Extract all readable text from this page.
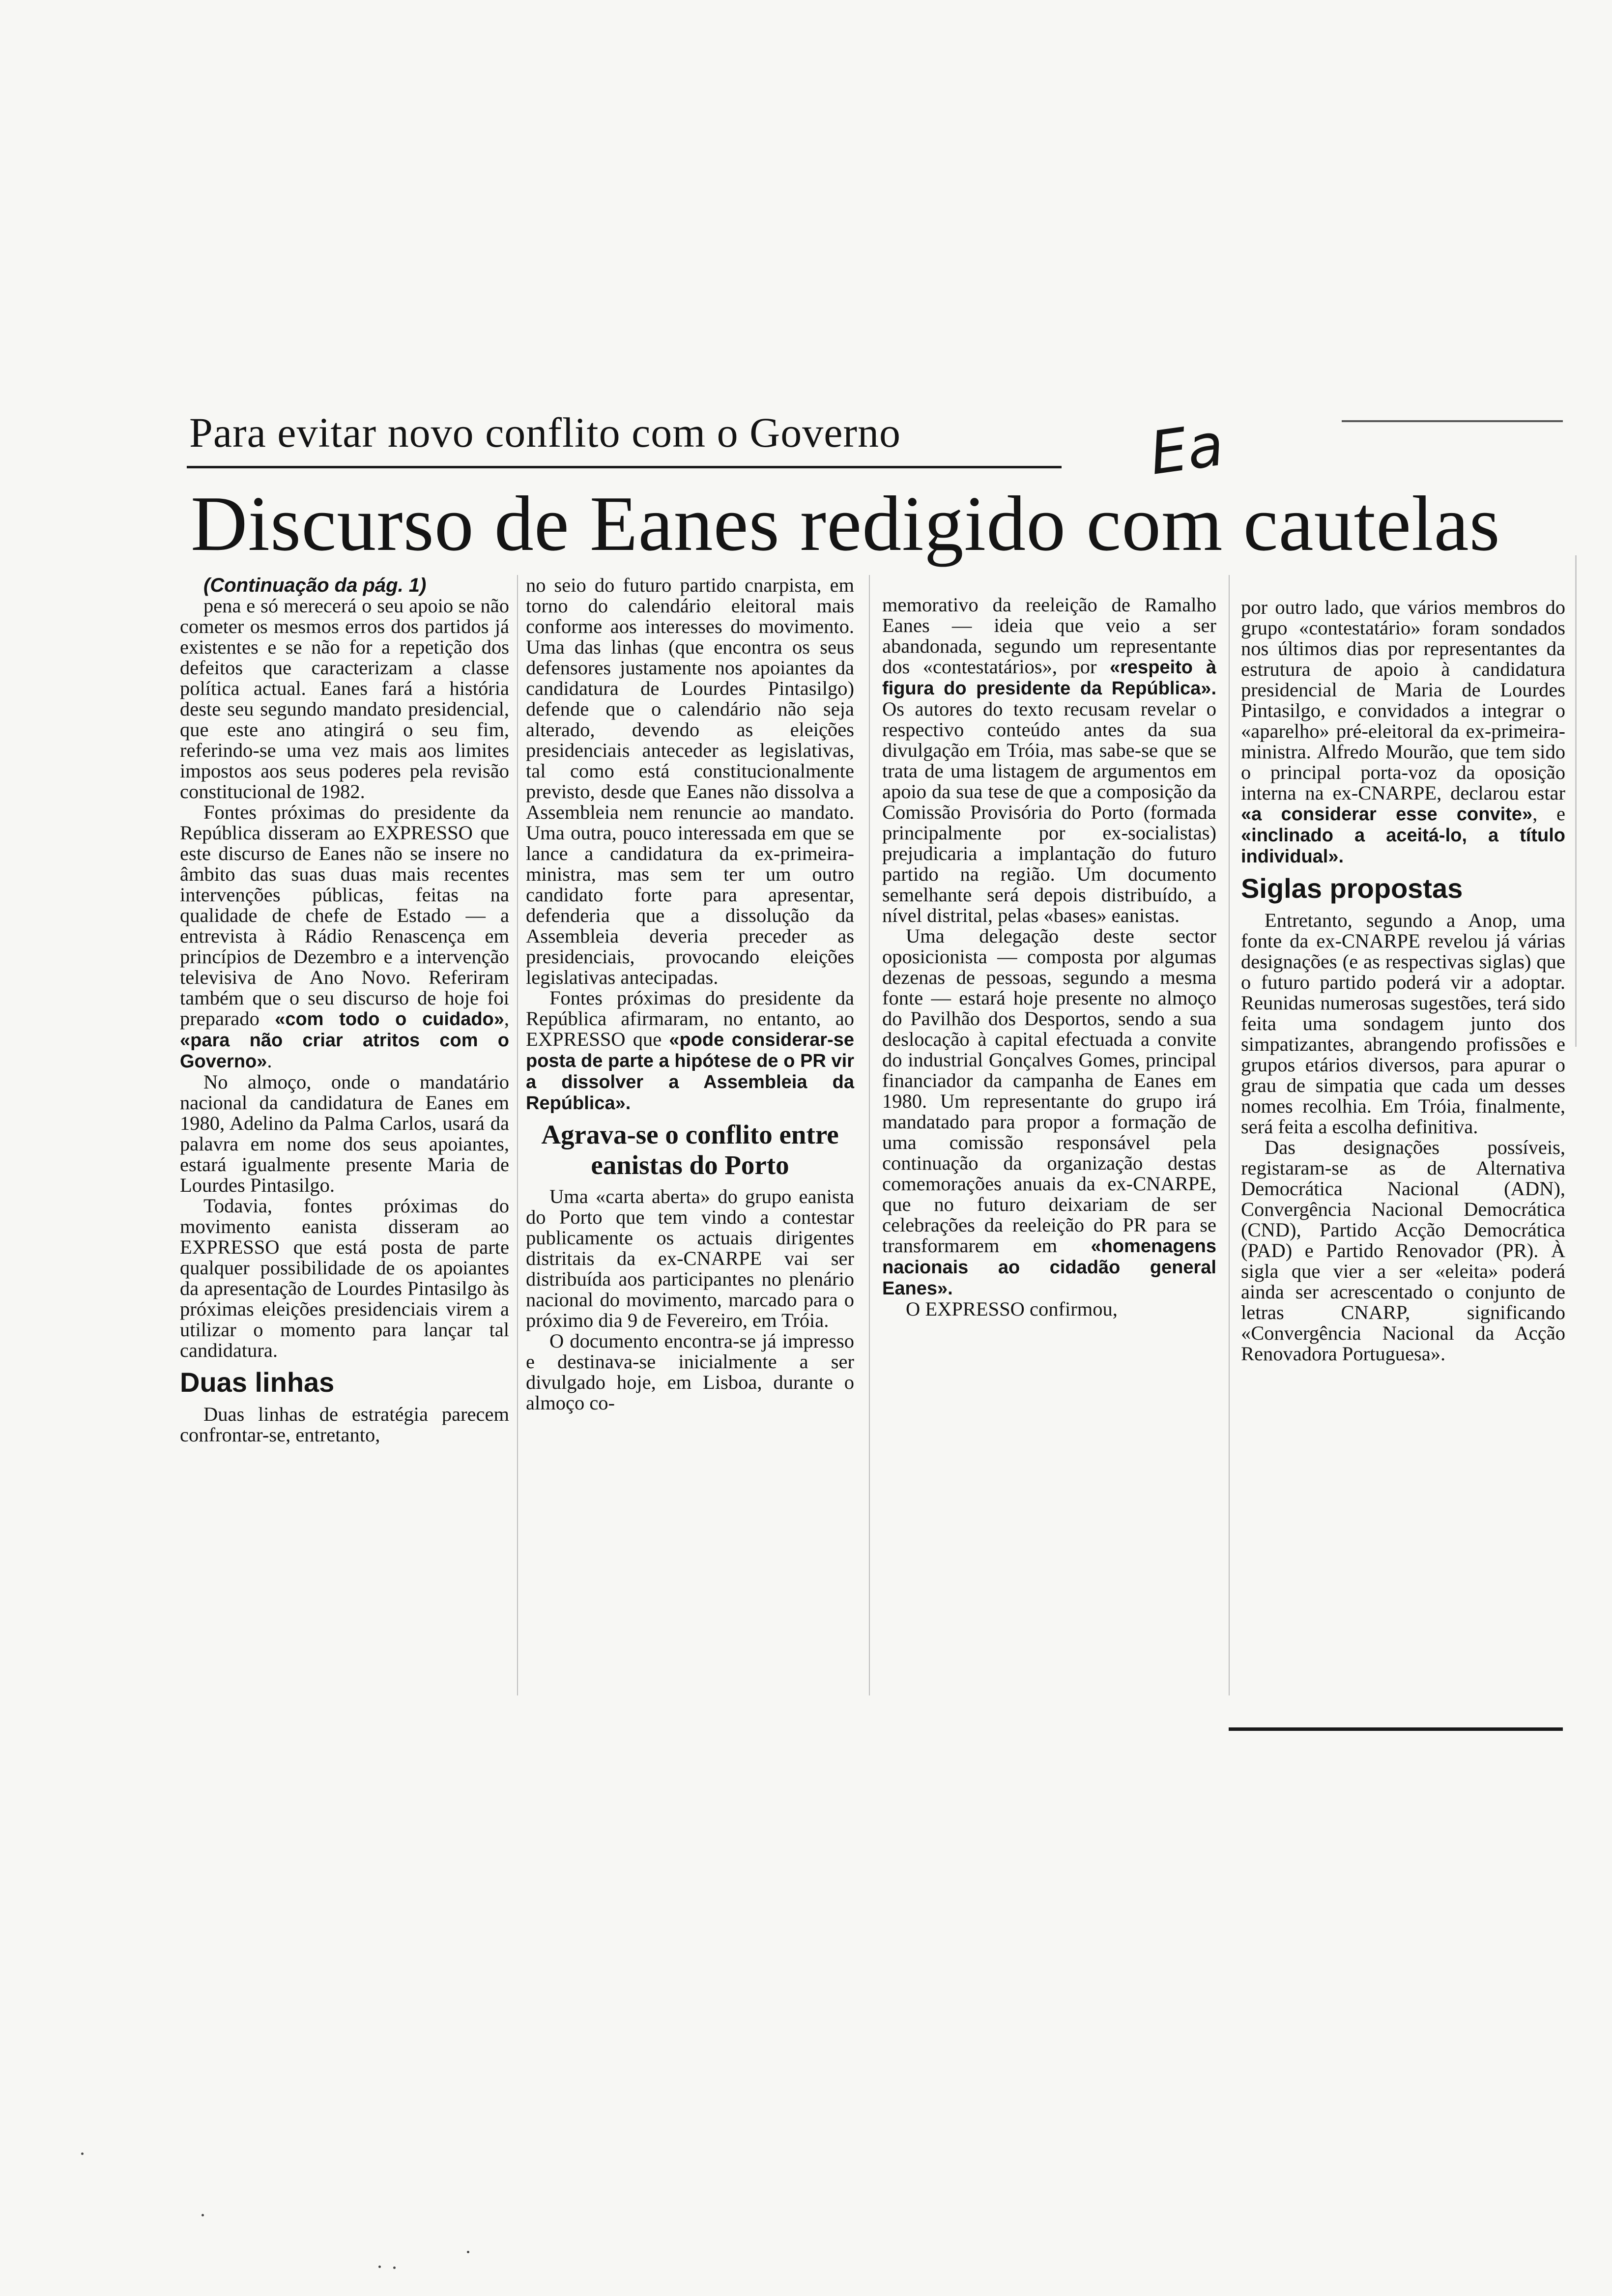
Para evitar novo conflito com o Governo	Ea
Discurso de Eanes redigido com cautelas

(Continuação da pág. 1)

pena e só merecerá o seu apoio se não cometer os mesmos erros dos partidos já existentes e se não for a repetição dos defeitos que caracterizam a classe política actual. Eanes fará a história deste seu segundo mandato presidencial, que este ano atingirá o seu fim, referindo-se uma vez mais aos limites impostos aos seus poderes pela revisão constitucional de 1982.

Fontes próximas do presidente da República disseram ao EXPRESSO que este discurso de Eanes não se insere no âmbito das suas duas mais recentes intervenções públicas, feitas na qualidade de chefe de Estado — a entrevista à Rádio Renascença em princípios de Dezembro e a intervenção televisiva de Ano Novo. Referiram também que o seu discurso de hoje foi preparado «com todo o cuidado», «para não criar atritos com o Governo».

No almoço, onde o mandatário nacional da candidatura de Eanes em 1980, Adelino da Palma Carlos, usará da palavra em nome dos seus apoiantes, estará igualmente presente Maria de Lourdes Pintasilgo.

Todavia, fontes próximas do movimento eanista disseram ao EXPRESSO que está posta de parte qualquer possibilidade de os apoiantes da apresentação de Lourdes Pintasilgo às próximas eleições presidenciais virem a utilizar o momento para lançar tal candidatura.

Duas linhas

Duas linhas de estratégia parecem confrontar-se, entretanto,

no seio do futuro partido cnarpista, em torno do calendário eleitoral mais conforme aos interesses do movimento. Uma das linhas (que encontra os seus defensores justamente nos apoiantes da candidatura de Lourdes Pintasilgo) defende que o calendário não seja alterado, devendo as eleições presidenciais anteceder as legislativas, tal como está constitucionalmente previsto, desde que Eanes não dissolva a Assembleia nem renuncie ao mandato. Uma outra, pouco interessada em que se lance a candidatura da ex-primeira-ministra, mas sem ter um outro candidato forte para apresentar, defenderia que a dissolução da Assembleia deveria preceder as presidenciais, provocando eleições legislativas antecipadas.

Fontes próximas do presidente da República afirmaram, no entanto, ao EXPRESSO que «pode considerar-se posta de parte a hipótese de o PR vir a dissolver a Assembleia da República».

Agrava-se o conflito entre eanistas do Porto

Uma «carta aberta» do grupo eanista do Porto que tem vindo a contestar publicamente os actuais dirigentes distritais da ex-CNARPE vai ser distribuída aos participantes no plenário nacional do movimento, marcado para o próximo dia 9 de Fevereiro, em Tróia.

O documento encontra-se já impresso e destinava-se inicialmente a ser divulgado hoje, em Lisboa, durante o almoço co-

memorativo da reeleição de Ramalho Eanes — ideia que veio a ser abandonada, segundo um representante dos «contestatários», por «respeito à figura do presidente da República». Os autores do texto recusam revelar o respectivo conteúdo antes da sua divulgação em Tróia, mas sabe-se que se trata de uma listagem de argumentos em apoio da sua tese de que a composição da Comissão Provisória do Porto (formada principalmente por ex-socialistas) prejudicaria a implantação do futuro partido na região. Um documento semelhante será depois distribuído, a nível distrital, pelas «bases» eanistas.

Uma delegação deste sector oposicionista — composta por algumas dezenas de pessoas, segundo a mesma fonte — estará hoje presente no almoço do Pavilhão dos Desportos, sendo a sua deslocação à capital efectuada a convite do industrial Gonçalves Gomes, principal financiador da campanha de Eanes em 1980. Um representante do grupo irá mandatado para propor a formação de uma comissão responsável pela continuação da organização destas comemorações anuais da ex-CNARPE, que no futuro deixariam de ser celebrações da reeleição do PR para se transformarem em «homenagens nacionais ao cidadão general Eanes».

O EXPRESSO confirmou,

por outro lado, que vários membros do grupo «contestatário» foram sondados nos últimos dias por representantes da estrutura de apoio à candidatura presidencial de Maria de Lourdes Pintasilgo, e convidados a integrar o «aparelho» pré-eleitoral da ex-primeira-ministra. Alfredo Mourão, que tem sido o principal porta-voz da oposição interna na ex-CNARPE, declarou estar «a considerar esse convite», e «inclinado a aceitá-lo, a título individual».

Siglas propostas

Entretanto, segundo a Anop, uma fonte da ex-CNARPE revelou já várias designações (e as respectivas siglas) que o futuro partido poderá vir a adoptar. Reunidas numerosas sugestões, terá sido feita uma sondagem junto dos simpatizantes, abrangendo profissões e grupos etários diversos, para apurar o grau de simpatia que cada um desses nomes recolhia. Em Tróia, finalmente, será feita a escolha definitiva.

Das designações possíveis, registaram-se as de Alternativa Democrática Nacional (ADN), Convergência Nacional Democrática (CND), Partido Acção Democrática (PAD) e Partido Renovador (PR). À sigla que vier a ser «eleita» poderá ainda ser acrescentado o conjunto de letras CNARP, significando «Convergência Nacional da Acção Renovadora Portuguesa».
